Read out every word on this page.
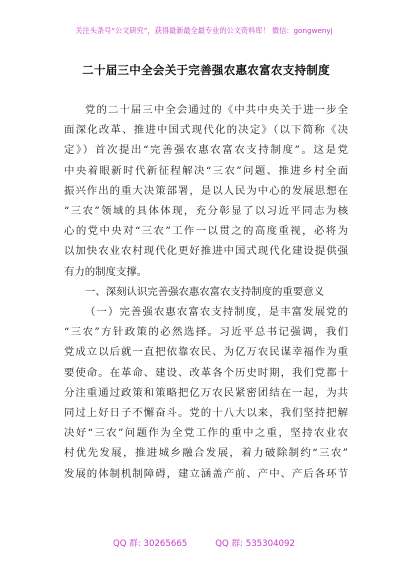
关注头条号“公文研究”，获得最新最全最专业的公文资料库！ 微信：gongwenyj
二十届三中全会关于完善强农惠农富农支持制度
党的二十届三中全会通过的《中共中央关于进一步全
面深化改革、推进中国式现代化的决定》（以下简称《决
定》）首次提出“完善强农惠农富农支持制度”。这是党
中央着眼新时代新征程解决“三农”问题、推进乡村全面
振兴作出的重大决策部署，是以人民为中心的发展思想在
“三农”领域的具体体现，充分彰显了以习近平同志为核
心的党中央对“三农”工作一以贯之的高度重视，必将为
以加快农业农村现代化更好推进中国式现代化建设提供强
有力的制度支撑。

一、深刻认识完善强农惠农富农支持制度的重要意义

（一）完善强农惠农富农支持制度，是丰富发展党的
“三农”方针政策的必然选择。习近平总书记强调，我们
党成立以后就一直把依靠农民、为亿万农民谋幸福作为重
要使命。在革命、建设、改革各个历史时期，我们党都十
分注重通过政策和策略把亿万农民紧密团结在一起，为共
同过上好日子不懈奋斗。党的十八大以来，我们坚持把解
决好“三农”问题作为全党工作的重中之重，坚持农业农
村优先发展，推进城乡融合发展，着力破除制约“三农”
发展的体制机制障碍，建立涵盖产前、产中、产后各环节
QQ 群: 30265665	QQ 群: 535304092
